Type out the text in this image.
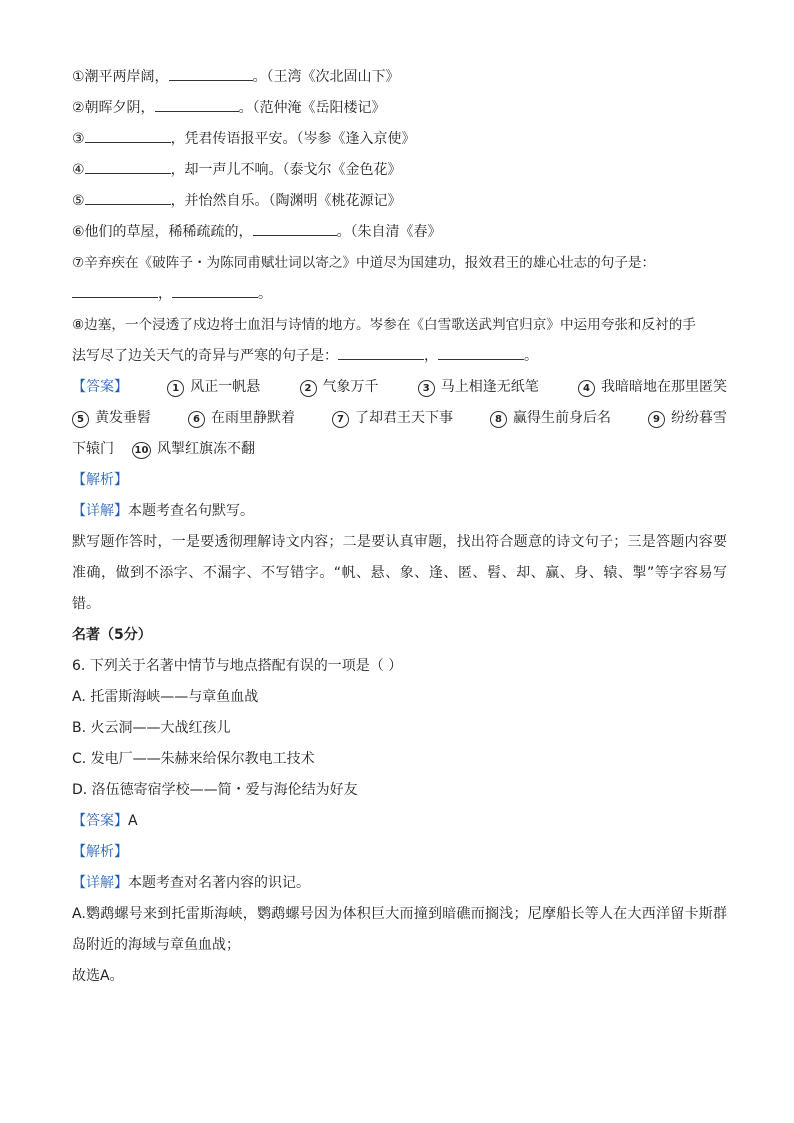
①潮平两岸阔，	。（王湾《次北固山下》
②朝晖夕阴，	。（范仲淹《岳阳楼记》
③	，凭君传语报平安。（岑参《逢入京使》
④	，却一声儿不响。（泰戈尔《金色花》
⑤	，并怡然自乐。（陶渊明《桃花源记》
⑥他们的草屋，稀稀疏疏的，	。（朱自清《春》
⑦辛弃疾在《破阵子・为陈同甫赋壮词以寄之》中道尽为国建功，报效君王的雄心壮志的句子是：
，	。
⑧边塞，一个浸透了戍边将士血泪与诗情的地方。岑参在《白雪歌送武判官归京》中运用夸张和反衬的手
法写尽了边关天气的奇异与严寒的句子是：	，	。
【答案】	1 风正一帆悬	2 气象万千	3 马上相逢无纸笔	4 我暗暗地在那里匿笑
5 黄发垂髫	6 在雨里静默着	7 了却君王天下事	8 赢得生前身后名	9 纷纷暮雪
下辕门 10 风掣红旗冻不翻
【解析】
【详解】本题考查名句默写。
默写题作答时，一是要透彻理解诗文内容；二是要认真审题，找出符合题意的诗文句子；三是答题内容要准确，做到不添字、不漏字、不写错字。“帆、悬、象、逢、匿、髫、却、赢、身、辕、掣”等字容易写错。
名著（5分）
6. 下列关于名著中情节与地点搭配有误的一项是（ ）
A. 托雷斯海峡——与章鱼血战
B. 火云洞——大战红孩儿
C. 发电厂——朱赫来给保尔教电工技术
D. 洛伍德寄宿学校——简・爱与海伦结为好友
【答案】A
【解析】
【详解】本题考查对名著内容的识记。
A.鹦鹉螺号来到托雷斯海峡，鹦鹉螺号因为体积巨大而撞到暗礁而搁浅；尼摩船长等人在大西洋留卡斯群岛附近的海域与章鱼血战；
故选A。
